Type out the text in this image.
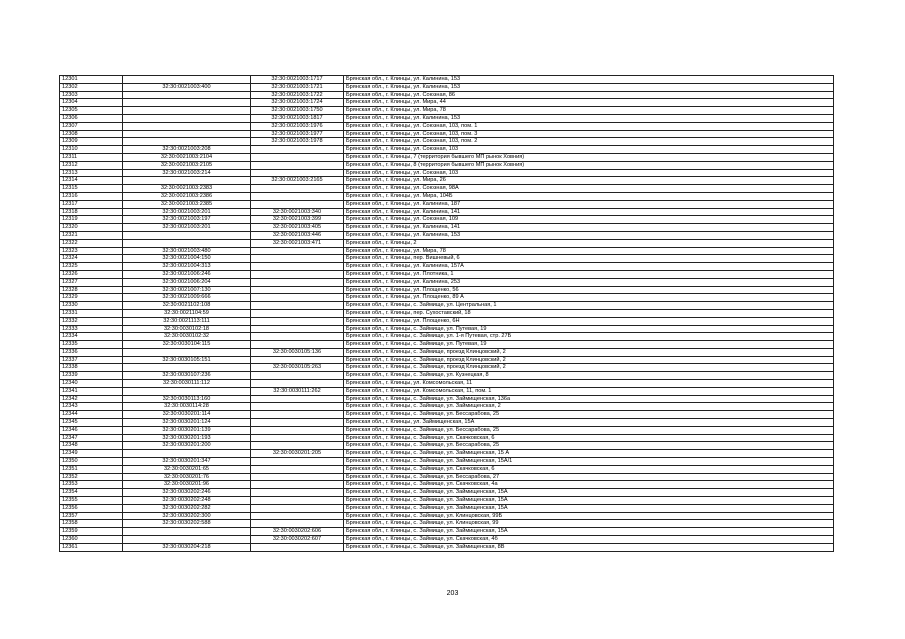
12301		32:30:0021003:1717	Брянская обл., г. Клинцы, ул. Калинина, 153
12302	32:30:0021003:400	32:30:0021003:1721	Брянская обл., г. Клинцы, ул. Калинина, 153
12303		32:30:0021003:1722	Брянская обл., г. Клинцы, ул. Союзная, 86
12304		32:30:0021003:1724	Брянская обл., г. Клинцы, ул. Мира, 44
12305		32:30:0021003:1750	Брянская обл., г. Клинцы, ул. Мира, 78
12306		32:30:0021003:1817	Брянская обл., г. Клинцы, ул. Калинина, 153
12307		32:30:0021003:1976	Брянская обл., г. Клинцы, ул. Союзная, 103, пом. 1
12308		32:30:0021003:1977	Брянская обл., г. Клинцы, ул. Союзная, 103, пом. 3
12309		32:30:0021003:1978	Брянская обл., г. Клинцы, ул. Союзная, 103, пом. 2
12310	32:30:0021003:208		Брянская обл., г. Клинцы, ул. Союзная, 103
12311	32:30:0021003:2104		Брянская обл., г. Клинцы, 7 (территория бывшего МП рынок Ховния)
12312	32:30:0021003:2105		Брянская обл., г. Клинцы, 8 (территория бывшего МП рынок Ховния)
12313	32:30:0021003:214		Брянская обл., г. Клинцы, ул. Союзная, 103
12314		32:30:0021003:2165	Брянская обл., г. Клинцы, ул. Мира, 26
12315	32:30:0021003:2383		Брянская обл., г. Клинцы, ул. Союзная, 98А
12316	32:30:0021003:2386		Брянская обл., г. Клинцы, ул. Мира, 104Б
12317	32:30:0021003:2385		Брянская обл., г. Клинцы, ул. Калинина, 187
12318	32:30:0021003:201	32:30:0021003:340	Брянская обл., г. Клинцы, ул. Калинина, 141
12319	32:30:0021003:197	32:30:0021003:399	Брянская обл., г. Клинцы, ул. Союзная, 109
12320	32:30:0021003:201	32:30:0021003:405	Брянская обл., г. Клинцы, ул. Калинина, 141
12321		32:30:0021003:446	Брянская обл., г. Клинцы, ул. Калинина, 153
12322		32:30:0021003:471	Брянская обл., г. Клинцы, 2
12323	32:30:0021003:480		Брянская обл., г. Клинцы, ул. Мира, 78
12324	32:30:0021004:150		Брянская обл., г. Клинцы, пер. Вишневый, 6
12325	32:30:0021004:313		Брянская обл., г. Клинцы, ул. Калинина, 157А
12326	32:30:0021006:246		Брянская обл., г. Клинцы, ул. Плотника, 1
12327	32:30:0021006:204		Брянская обл., г. Клинцы, ул. Калинина, 253
12328	32:30:0021007:130		Брянская обл., г. Клинцы, ул. Площенко, 56
12329	32:30:0021009:666		Брянская обл., г. Клинцы, ул. Площенко, 89 А
12330	32:30:0021102:108		Брянская обл., г. Клинцы, с. Займище, ул. Центральная, 1
12331	32:30:0021104:59		Брянская обл., г. Клинцы, пер. Сухоставский, 18
12332	32:30:0021113:111		Брянская обл., г. Клинцы, ул. Площенко, 6Н
12333	32:30:0030102:18		Брянская обл., г. Клинцы, с. Займище, ул. Путевая, 19
12334	32:30:0030102:32		Брянская обл., г. Клинцы, с. Займище, ул. 1-я Путевая, стр. 27Б
12335	32:30:0030104:115		Брянская обл., г. Клинцы, с. Займище, ул. Путевая, 19
12336		32:30:0030105:136	Брянская обл., г. Клинцы, с. Займище, проезд Клинцовский, 2
12337	32:30:0030105:151		Брянская обл., г. Клинцы, с. Займище, проезд Клинцовский, 2
12338		32:30:0030105:263	Брянская обл., г. Клинцы, с. Займище, проезд Клинцовский, 2
12339	32:30:0030107:236		Брянская обл., г. Клинцы, с. Займище, ул. Кузнецкая, 8
12340	32:30:0030111:112		Брянская обл., г. Клинцы, ул. Комсомольская, 11
12341		32:30:0030111:262	Брянская обл., г. Клинцы, ул. Комсомольская, 11, пом. 1
12342	32:30:0030113:160		Брянская обл., г. Клинцы, с. Займище, ул. Займищенская, 136а
12343	32:30:0030114:28		Брянская обл., г. Клинцы, с. Займище, ул. Займищенская, 2
12344	32:30:0030201:114		Брянская обл., г. Клинцы, с. Займище, ул. Бессарабова, 25
12345	32:30:0030201:124		Брянская обл., г. Клинцы, ул. Займищенская, 15А
12346	32:30:0030201:139		Брянская обл., г. Клинцы, с. Займище, ул. Бессарабова, 25
12347	32:30:0030201:193		Брянская обл., г. Клинцы, с. Займище, ул. Скачковская, 6
12348	32:30:0030201:200		Брянская обл., г. Клинцы, с. Займище, ул. Бессарабова, 25
12349		32:30:0030201:205	Брянская обл., г. Клинцы, с. Займище, ул. Займищенская, 15 А
12350	32:30:0030201:347		Брянская обл., г. Клинцы, с. Займище, ул. Займищенская, 15А/1
12351	32:30:0030201:65		Брянская обл., г. Клинцы, с. Займище, ул. Скачковская, 6
12352	32:30:0030201:76		Брянская обл., г. Клинцы, с. Займище, ул. Бессарабова, 27
12353	32:30:0030201:96		Брянская обл., г. Клинцы, с. Займище, ул. Скачковская, 4а
12354	32:30:0030202:246		Брянская обл., г. Клинцы, с. Займище, ул. Займищенская, 15А
12355	32:30:0030202:248		Брянская обл., г. Клинцы, с. Займище, ул. Займищенская, 15А
12356	32:30:0030202:282		Брянская обл., г. Клинцы, с. Займище, ул. Займищенская, 15А
12357	32:30:0030202:300		Брянская обл., г. Клинцы, с. Займище, ул. Клинцовская, 99Б
12358	32:30:0030202:588		Брянская обл., г. Клинцы, с. Займище, ул. Клинцовская, 99
12359		32:30:0030202:606	Брянская обл., г. Клинцы, с. Займище, ул. Займищенская, 15А
12360		32:30:0030202:607	Брянская обл., г. Клинцы, с. Займище, ул. Скачковская, 4б
12361	32:30:0030204:218		Брянская обл., г. Клинцы, с. Займище, ул. Займищенская, 8В
203
